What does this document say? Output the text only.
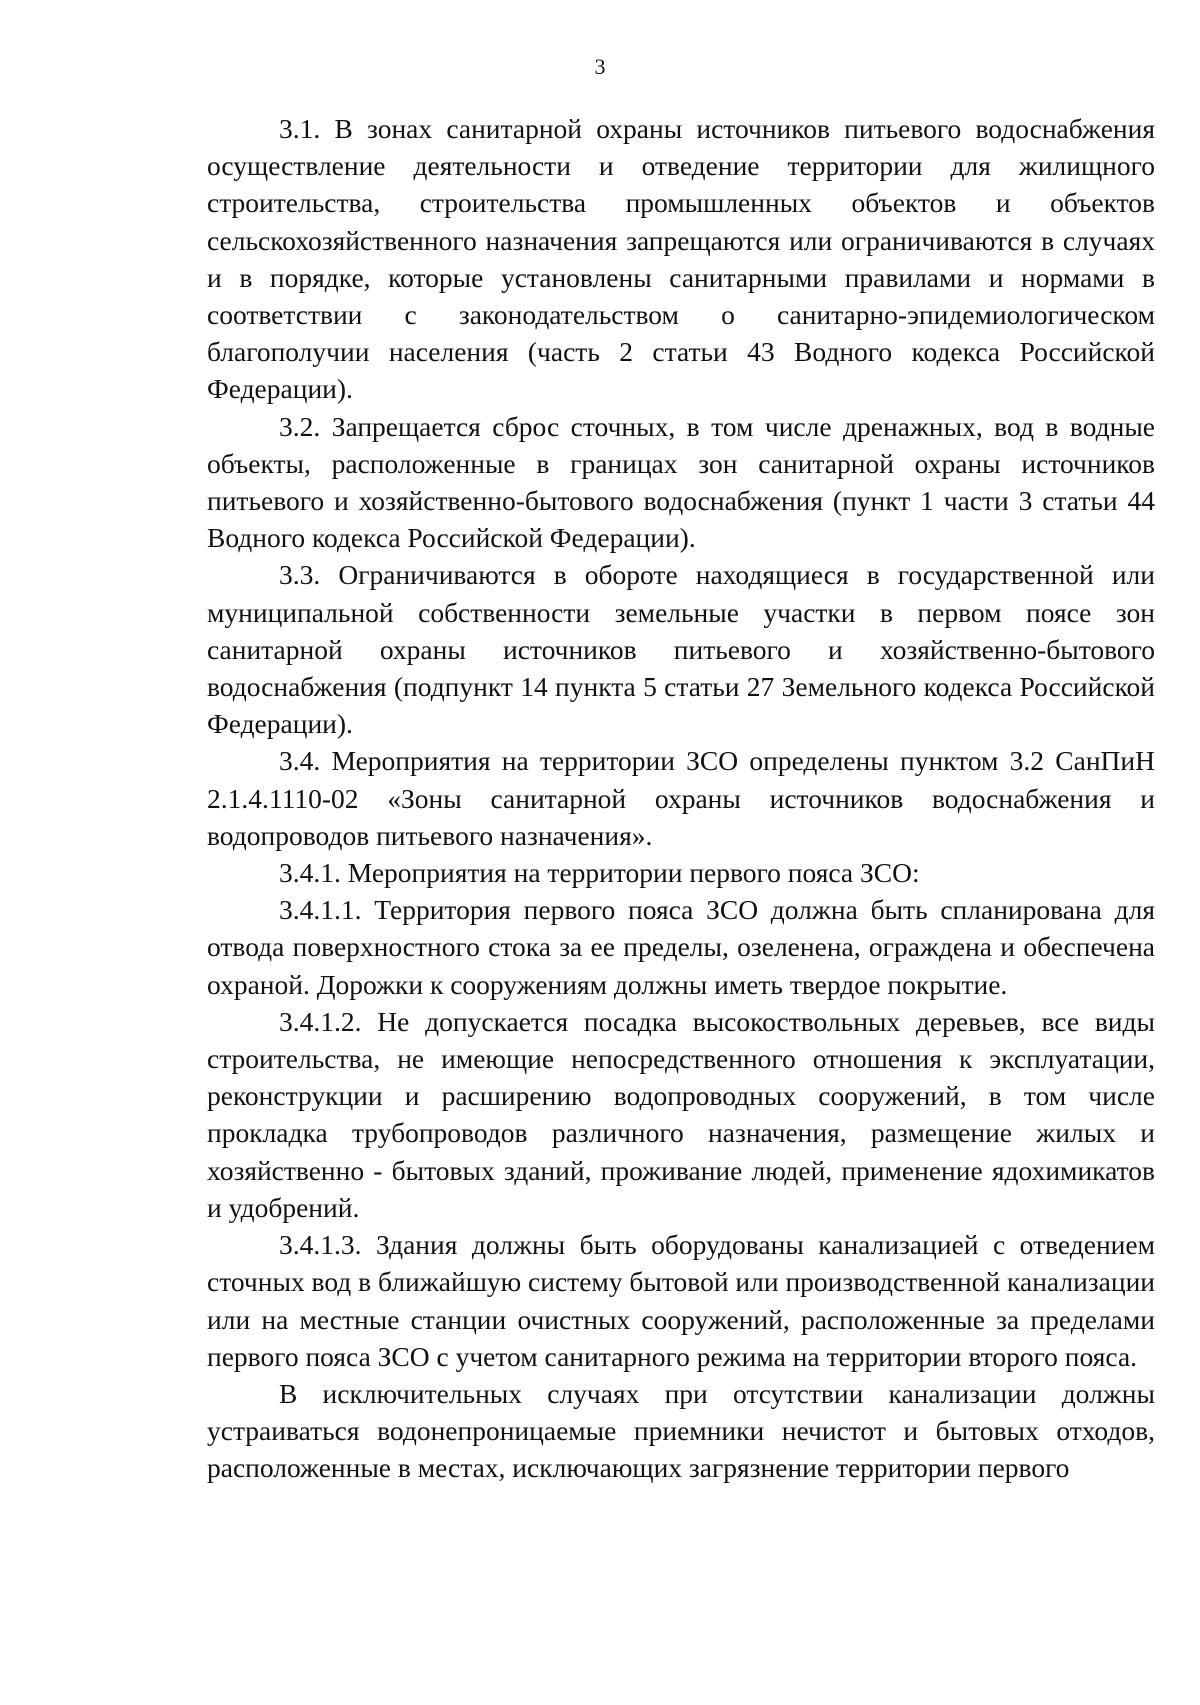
3

3.1. В зонах санитарной охраны источников питьевого водоснабжения осуществление деятельности и отведение территории для жилищного строительства, строительства промышленных объектов и объектов сельскохозяйственного назначения запрещаются или ограничиваются в случаях и в порядке, которые установлены санитарными правилами и нормами в соответствии с законодательством о санитарно-эпидемиологическом благополучии населения (часть 2 статьи 43 Водного кодекса Российской Федерации).

3.2. Запрещается сброс сточных, в том числе дренажных, вод в водные объекты, расположенные в границах зон санитарной охраны источников питьевого и хозяйственно-бытового водоснабжения (пункт 1 части 3 статьи 44 Водного кодекса Российской Федерации).

3.3. Ограничиваются в обороте находящиеся в государственной или муниципальной собственности земельные участки в первом поясе зон санитарной охраны источников питьевого и хозяйственно-бытового водоснабжения (подпункт 14 пункта 5 статьи 27 Земельного кодекса Российской Федерации).

3.4. Мероприятия на территории ЗСО определены пунктом 3.2 СанПиН 2.1.4.1110-02 «Зоны санитарной охраны источников водоснабжения и водопроводов питьевого назначения».

3.4.1. Мероприятия на территории первого пояса ЗСО:

3.4.1.1. Территория первого пояса ЗСО должна быть спланирована для отвода поверхностного стока за ее пределы, озеленена, ограждена и обеспечена охраной. Дорожки к сооружениям должны иметь твердое покрытие.

3.4.1.2. Не допускается посадка высокоствольных деревьев, все виды строительства, не имеющие непосредственного отношения к эксплуатации, реконструкции и расширению водопроводных сооружений, в том числе прокладка трубопроводов различного назначения, размещение жилых и хозяйственно - бытовых зданий, проживание людей, применение ядохимикатов и удобрений.

3.4.1.3. Здания должны быть оборудованы канализацией с отведением сточных вод в ближайшую систему бытовой или производственной канализации или на местные станции очистных сооружений, расположенные за пределами первого пояса ЗСО с учетом санитарного режима на территории второго пояса.

В исключительных случаях при отсутствии канализации должны устраиваться водонепроницаемые приемники нечистот и бытовых отходов, расположенные в местах, исключающих загрязнение территории первого
